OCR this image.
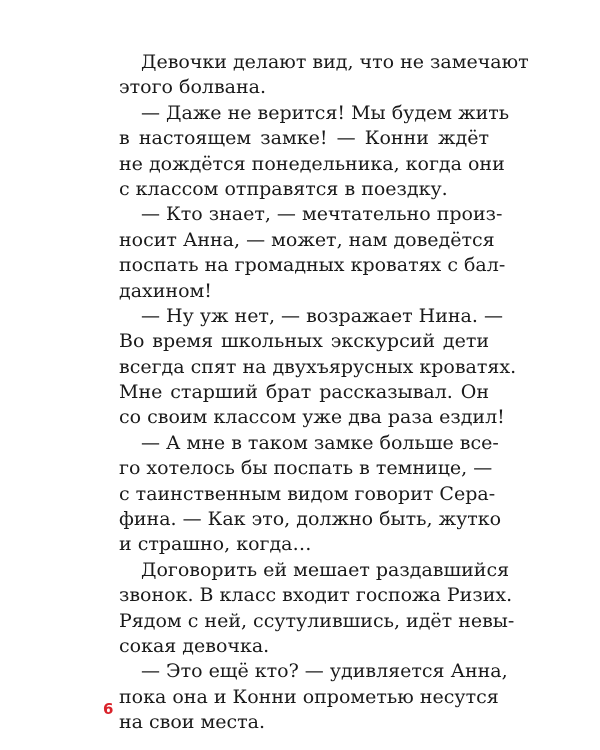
Девочки делают вид, что не замечают
этого болвана.
— Даже не верится! Мы будем жить
в настоящем замке! — Конни ждёт
не дождётся понедельника, когда они
с классом отправятся в поездку.
— Кто знает, — мечтательно произ-
носит Анна, — может, нам доведётся
поспать на громадных кроватях с бал-
дахином!
— Ну уж нет, — возражает Нина. —
Во время школьных экскурсий дети
всегда спят на двухъярусных кроватях.
Мне старший брат рассказывал. Он
со своим классом уже два раза ездил!
— А мне в таком замке больше все-
го хотелось бы поспать в темнице, —
с таинственным видом говорит Сера-
фина. — Как это, должно быть, жутко
и страшно, когда…
Договорить ей мешает раздавшийся
звонок. В класс входит госпожа Ризих.
Рядом с ней, ссутулившись, идёт невы-
сокая девочка.
— Это ещё кто? — удивляется Анна,
пока она и Конни опрометью несутся
на свои места.
6
